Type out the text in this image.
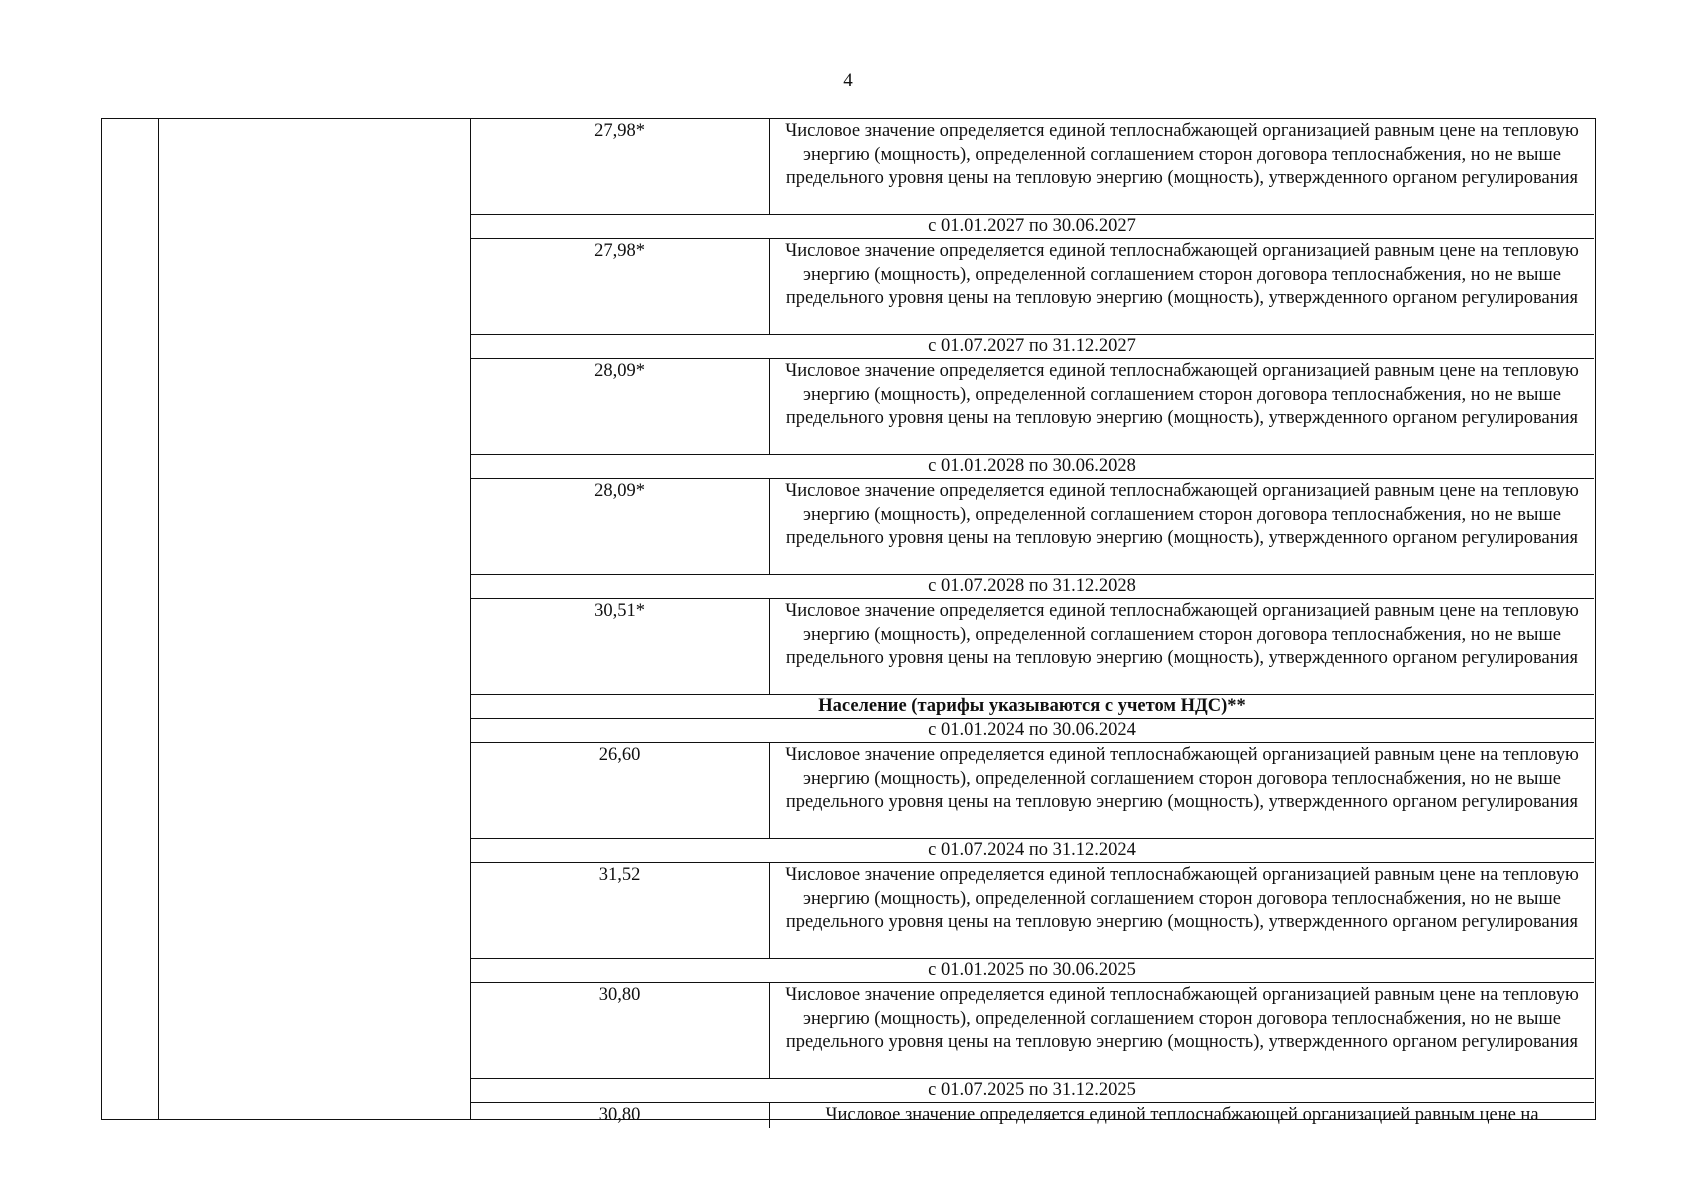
4
27,98*	Числовое значение определяется единой теплоснабжающей организацией равным цене на тепловую энергию (мощность), определенной соглашением сторон договора теплоснабжения, но не выше предельного уровня цены на тепловую энергию (мощность), утвержденного органом регулирования
с 01.01.2027 по 30.06.2027
27,98*	Числовое значение определяется единой теплоснабжающей организацией равным цене на тепловую энергию (мощность), определенной соглашением сторон договора теплоснабжения, но не выше предельного уровня цены на тепловую энергию (мощность), утвержденного органом регулирования
с 01.07.2027 по 31.12.2027
28,09*	Числовое значение определяется единой теплоснабжающей организацией равным цене на тепловую энергию (мощность), определенной соглашением сторон договора теплоснабжения, но не выше предельного уровня цены на тепловую энергию (мощность), утвержденного органом регулирования
с 01.01.2028 по 30.06.2028
28,09*	Числовое значение определяется единой теплоснабжающей организацией равным цене на тепловую энергию (мощность), определенной соглашением сторон договора теплоснабжения, но не выше предельного уровня цены на тепловую энергию (мощность), утвержденного органом регулирования
с 01.07.2028 по 31.12.2028
30,51*	Числовое значение определяется единой теплоснабжающей организацией равным цене на тепловую энергию (мощность), определенной соглашением сторон договора теплоснабжения, но не выше предельного уровня цены на тепловую энергию (мощность), утвержденного органом регулирования
Население (тарифы указываются с учетом НДС)**
с 01.01.2024 по 30.06.2024
26,60	Числовое значение определяется единой теплоснабжающей организацией равным цене на тепловую энергию (мощность), определенной соглашением сторон договора теплоснабжения, но не выше предельного уровня цены на тепловую энергию (мощность), утвержденного органом регулирования
с 01.07.2024 по 31.12.2024
31,52	Числовое значение определяется единой теплоснабжающей организацией равным цене на тепловую энергию (мощность), определенной соглашением сторон договора теплоснабжения, но не выше предельного уровня цены на тепловую энергию (мощность), утвержденного органом регулирования
с 01.01.2025 по 30.06.2025
30,80	Числовое значение определяется единой теплоснабжающей организацией равным цене на тепловую энергию (мощность), определенной соглашением сторон договора теплоснабжения, но не выше предельного уровня цены на тепловую энергию (мощность), утвержденного органом регулирования
с 01.07.2025 по 31.12.2025
30,80	Числовое значение определяется единой теплоснабжающей организацией равным цене на
